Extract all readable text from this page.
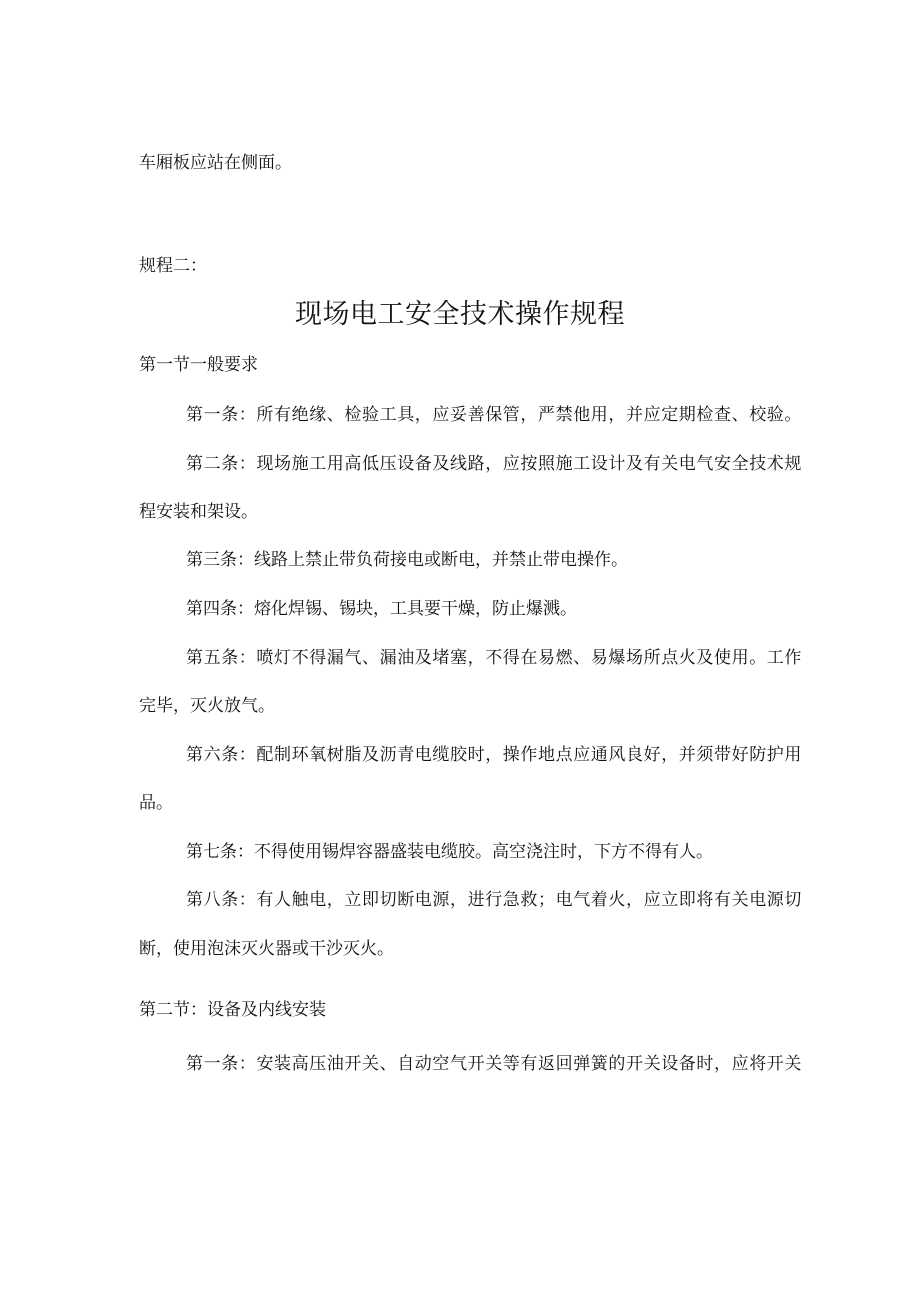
车厢板应站在侧面。

规程二：

现场电工安全技术操作规程

第一节一般要求

第一条：所有绝缘、检验工具，应妥善保管，严禁他用，并应定期检查、校验。

第二条：现场施工用高低压设备及线路，应按照施工设计及有关电气安全技术规

程安装和架设。

第三条：线路上禁止带负荷接电或断电，并禁止带电操作。

第四条：熔化焊锡、锡块，工具要干燥，防止爆溅。

第五条：喷灯不得漏气、漏油及堵塞，不得在易燃、易爆场所点火及使用。工作

完毕，灭火放气。

第六条：配制环氧树脂及沥青电缆胶时，操作地点应通风良好，并须带好防护用

品。

第七条：不得使用锡焊容器盛装电缆胶。高空浇注时，下方不得有人。

第八条：有人触电，立即切断电源，进行急救；电气着火，应立即将有关电源切

断，使用泡沫灭火器或干沙灭火。

第二节：设备及内线安装

第一条：安装高压油开关、自动空气开关等有返回弹簧的开关设备时，应将开关
